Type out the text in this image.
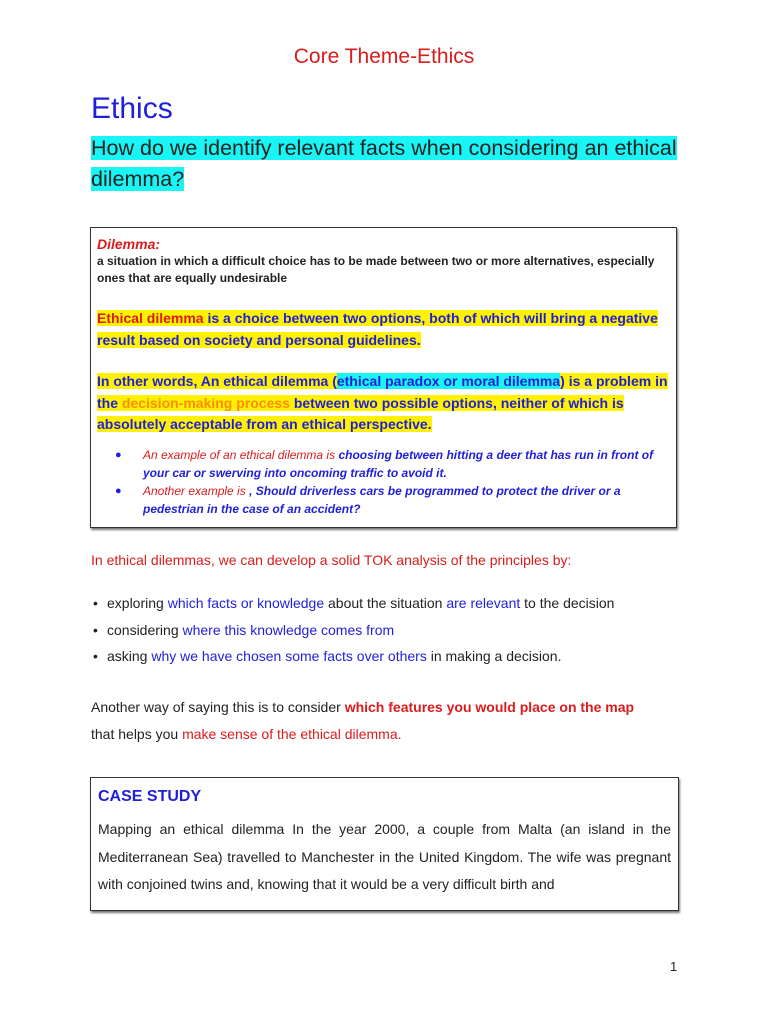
Core Theme-Ethics
Ethics
How do we identify relevant facts when considering an ethical dilemma?
Dilemma:
a situation in which a difficult choice has to be made between two or more alternatives, especially ones that are equally undesirable
Ethical dilemma is a choice between two options, both of which will bring a negative result based on society and personal guidelines.
In other words, An ethical dilemma (ethical paradox or moral dilemma) is a problem in the decision-making process between two possible options, neither of which is absolutely acceptable from an ethical perspective.
● An example of an ethical dilemma is choosing between hitting a deer that has run in front of your car or swerving into oncoming traffic to avoid it.
● Another example is , Should driverless cars be programmed to protect the driver or a pedestrian in the case of an accident?
In ethical dilemmas, we can develop a solid TOK analysis of the principles by:
• exploring which facts or knowledge about the situation are relevant to the decision
• considering where this knowledge comes from
• asking why we have chosen some facts over others in making a decision.
Another way of saying this is to consider which features you would place on the map
that helps you make sense of the ethical dilemma.
CASE STUDY
Mapping an ethical dilemma In the year 2000, a couple from Malta (an island in the Mediterranean Sea) travelled to Manchester in the United Kingdom. The wife was pregnant with conjoined twins and, knowing that it would be a very difficult birth and
1
